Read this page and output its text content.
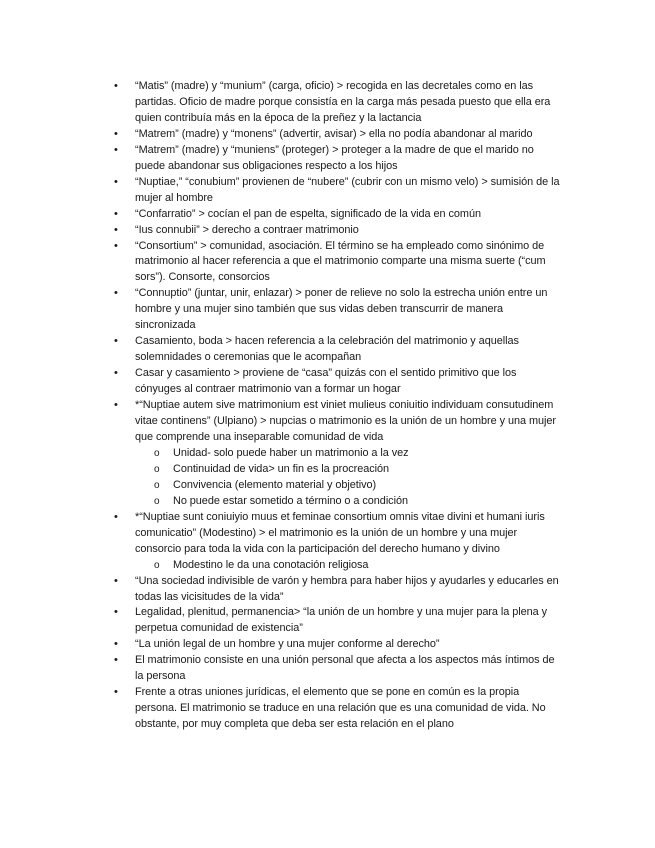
• “Matis” (madre) y “munium” (carga, oficio) > recogida en las decretales como en las partidas. Oficio de madre porque consistía en la carga más pesada puesto que ella era quien contribuía más en la época de la preñez y la lactancia
• “Matrem” (madre) y “monens” (advertir, avisar) > ella no podía abandonar al marido
• “Matrem” (madre) y “muniens” (proteger) > proteger a la madre de que el marido no puede abandonar sus obligaciones respecto a los hijos
• “Nuptiae,” “conubium” provienen de “nubere” (cubrir con un mismo velo) > sumisión de la mujer al hombre
• “Confarratio” > cocían el pan de espelta, significado de la vida en común
• “Ius connubii” > derecho a contraer matrimonio
• “Consortium” > comunidad, asociación. El término se ha empleado como sinónimo de matrimonio al hacer referencia a que el matrimonio comparte una misma suerte (“cum sors”). Consorte, consorcios
• “Connuptio” (juntar, unir, enlazar) > poner de relieve no solo la estrecha unión entre un hombre y una mujer sino también que sus vidas deben transcurrir de manera sincronizada
• Casamiento, boda > hacen referencia a la celebración del matrimonio y aquellas solemnidades o ceremonias que le acompañan
• Casar y casamiento > proviene de “casa” quizás con el sentido primitivo que los cónyuges al contraer matrimonio van a formar un hogar
• *“Nuptiae autem sive matrimonium est viniet mulieus coniuitio individuam consutudinem vitae continens” (Ulpiano) > nupcias o matrimonio es la unión de un hombre y una mujer que comprende una inseparable comunidad de vida
o Unidad- solo puede haber un matrimonio a la vez
o Continuidad de vida> un fin es la procreación
o Convivencia (elemento material y objetivo)
o No puede estar sometido a término o a condición
• *“Nuptiae sunt coniuiyio muus et feminae consortium omnis vitae divini et humani iuris comunicatio” (Modestino) > el matrimonio es la unión de un hombre y una mujer consorcio para toda la vida con la participación del derecho humano y divino
o Modestino le da una conotación religiosa
• “Una sociedad indivisible de varón y hembra para haber hijos y ayudarles y educarles en todas las vicisitudes de la vida”
• Legalidad, plenitud, permanencia> “la unión de un hombre y una mujer para la plena y perpetua comunidad de existencia”
• “La unión legal de un hombre y una mujer conforme al derecho”
• El matrimonio consiste en una unión personal que afecta a los aspectos más íntimos de la persona
• Frente a otras uniones jurídicas, el elemento que se pone en común es la propia persona. El matrimonio se traduce en una relación que es una comunidad de vida. No obstante, por muy completa que deba ser esta relación en el plano
